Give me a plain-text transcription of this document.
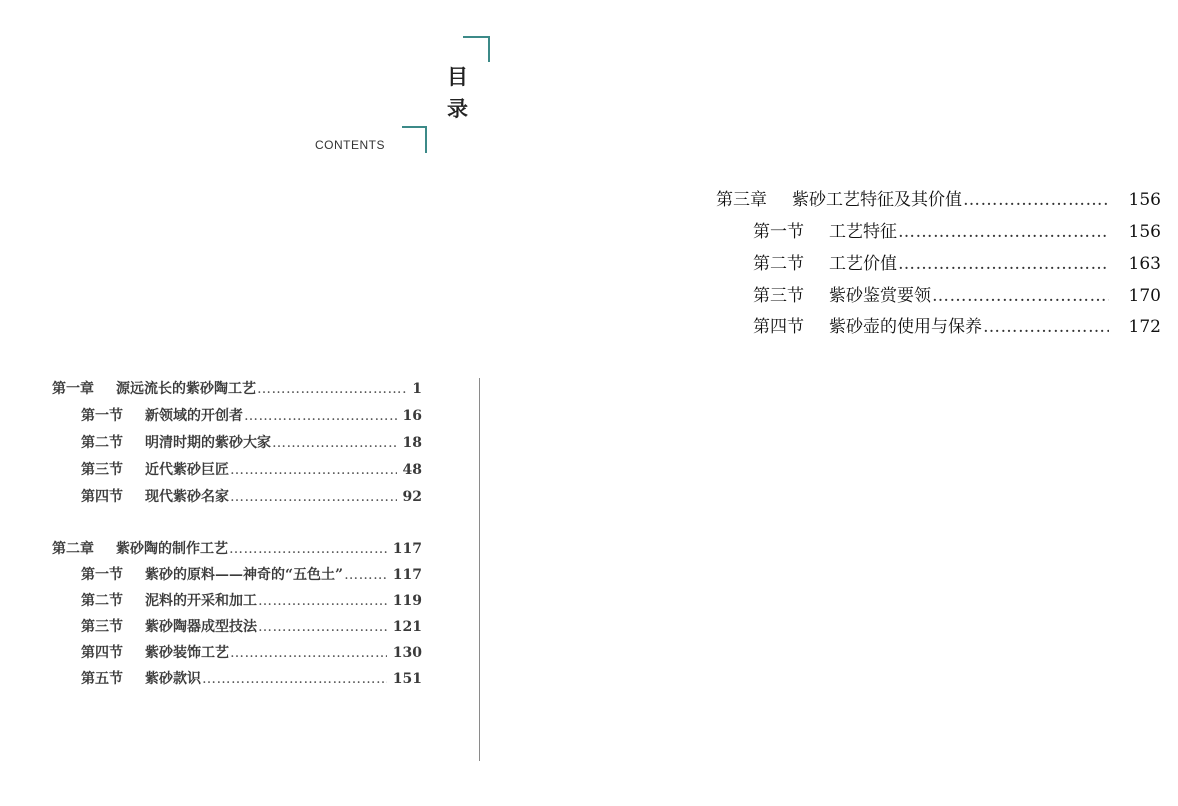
目
录
CONTENTS
第三章	紫砂工艺特征及其价值 ……………………………………………………………………………………………………………………………………………………………………	156
第一节	工艺特征 ……………………………………………………………………………………………………………………………………………………………………	156
第二节	工艺价值 ……………………………………………………………………………………………………………………………………………………………………	163
第三节	紫砂鉴赏要领 ……………………………………………………………………………………………………………………………………………………………………	170
第四节	紫砂壶的使用与保养 ……………………………………………………………………………………………………………………………………………………………………	172
第一章	源远流长的紫砂陶工艺 ……………………………………………………………………………………………………………………………………………………………………	1
第一节	新领域的开创者 ……………………………………………………………………………………………………………………………………………………………………	16
第二节	明清时期的紫砂大家 ……………………………………………………………………………………………………………………………………………………………………	18
第三节	近代紫砂巨匠 ……………………………………………………………………………………………………………………………………………………………………	48
第四节	现代紫砂名家 ……………………………………………………………………………………………………………………………………………………………………	92
第二章	紫砂陶的制作工艺 ……………………………………………………………………………………………………………………………………………………………………	117
第一节	紫砂的原料——神奇的“五色土” ……………………………………………………………………………………………………………………………………………………………………	117
第二节	泥料的开采和加工 ……………………………………………………………………………………………………………………………………………………………………	119
第三节	紫砂陶器成型技法 ……………………………………………………………………………………………………………………………………………………………………	121
第四节	紫砂装饰工艺 ……………………………………………………………………………………………………………………………………………………………………	130
第五节	紫砂款识 ……………………………………………………………………………………………………………………………………………………………………	151
